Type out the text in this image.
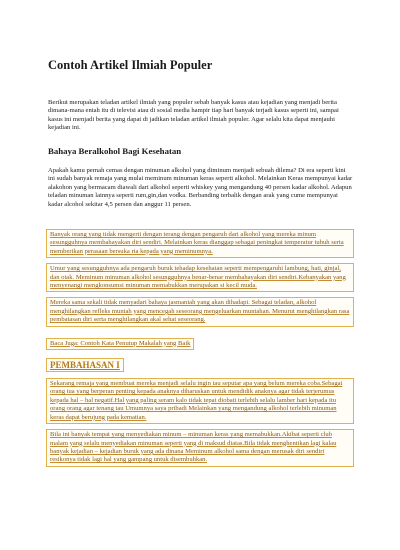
Contoh Artikel Ilmiah Populer

Berikut merupakan teladan artikel ilmiah yang populer sebab banyak kasus atau kejadian yang menjadi berita dimana-mana entah itu di televisi atau di sosial media hampir tiap hari banyak terjadi kasus seperti ini, sampai kasus ini menjadi berita yang dapat di jadikan teladan artikel ilmiah populer. Agar selalu kita dapat menjauhi kejadian ini.

Bahaya Beralkohol Bagi Kesehatan

Apakah kamu pernah cemas dengan minuman alkohol yang diminum menjadi sebuah dilema? Di era seperti kini ini sudah banyak remaja yang mulai meminum minuman keras seperti alkohol. Melainkan Keras mempunyai kadar alakohon yang bermacam diawali dari alkohol seperti whiskey yang mengandung 40 persen kadar alkohol. Adapun teladan minuman lainnya seperti rum,gin,dan vodka. Berbanding terbalik dengan arak yang cume mempunyai kadar alcohol sekitar 4,5 persen dan anggur 11 persen.

Banyak orang yang tidak mengerti dengan terang dengan pengaruh dari alkohol yang mereka minum sesungguhnya membahayakan diri sendiri. Melainkan keras dianggap sebagai peningkat temperatur tubuh serta memberikan perasaan bersuka ria kepada yang meminumnya.
Umur yang sesungguhnya ada pengaruh buruk tehadap kesehatan seperti mempengaruhi lambung, hati, ginjal, dan otak. Meminum minuman alkohol sesungguhnya benar-benar membahayakan diri sendiri.Kebanyakan yang menyenangi mengkonsumsi minuman memabukkan merupakan si kecil muda.
Mereka sama sekali tidak menyadari bahaya jasmaniah yang akan dihadapi. Sebagai teladan, alkohol menghilangkan refleks muntah yang mencegah seseorang mengeluarkan muntahan. Menurut menghilangkan rasa pembatasan diri serta menghilangkan akal sehat seseorang.
Baca Juga: Contoh Kata Penutup Makalah yang Baik
PEMBAHASAN I
Sekarang remaja yang membuat mereka menjadi selalu ingin tau seputar apa yang belum mereka coba.Sebagai orang tua yang berperan penting kepada anaknya diharuskan untuk mendidik anaknya agar tidak terjerumus kepada hal – hal negatif.Hal yang paling seram kalo tidak tepat diobati terlebih selalu lamber hari kepada itu orang orang agar tenang tau Umumnya saya pribadi Melainkan yang mengandung alkohol terlebih minuman keras dapat berujung pada kematian.
Bila ini banyak tempat yang menyediakan minum – minuman keras yang memabukkan.Akibat seperti club malam yang selalu menyediakan minuman seperti yang di maksud diatas.Bila tidak menghentikan lagi kalau banyak kejadian – kejadian buruk yang ada dinana Meminum alkohol sama dengan merusak diri sendiri resikonya tidak lagi hal yang gampang untuk disembuhkan.
